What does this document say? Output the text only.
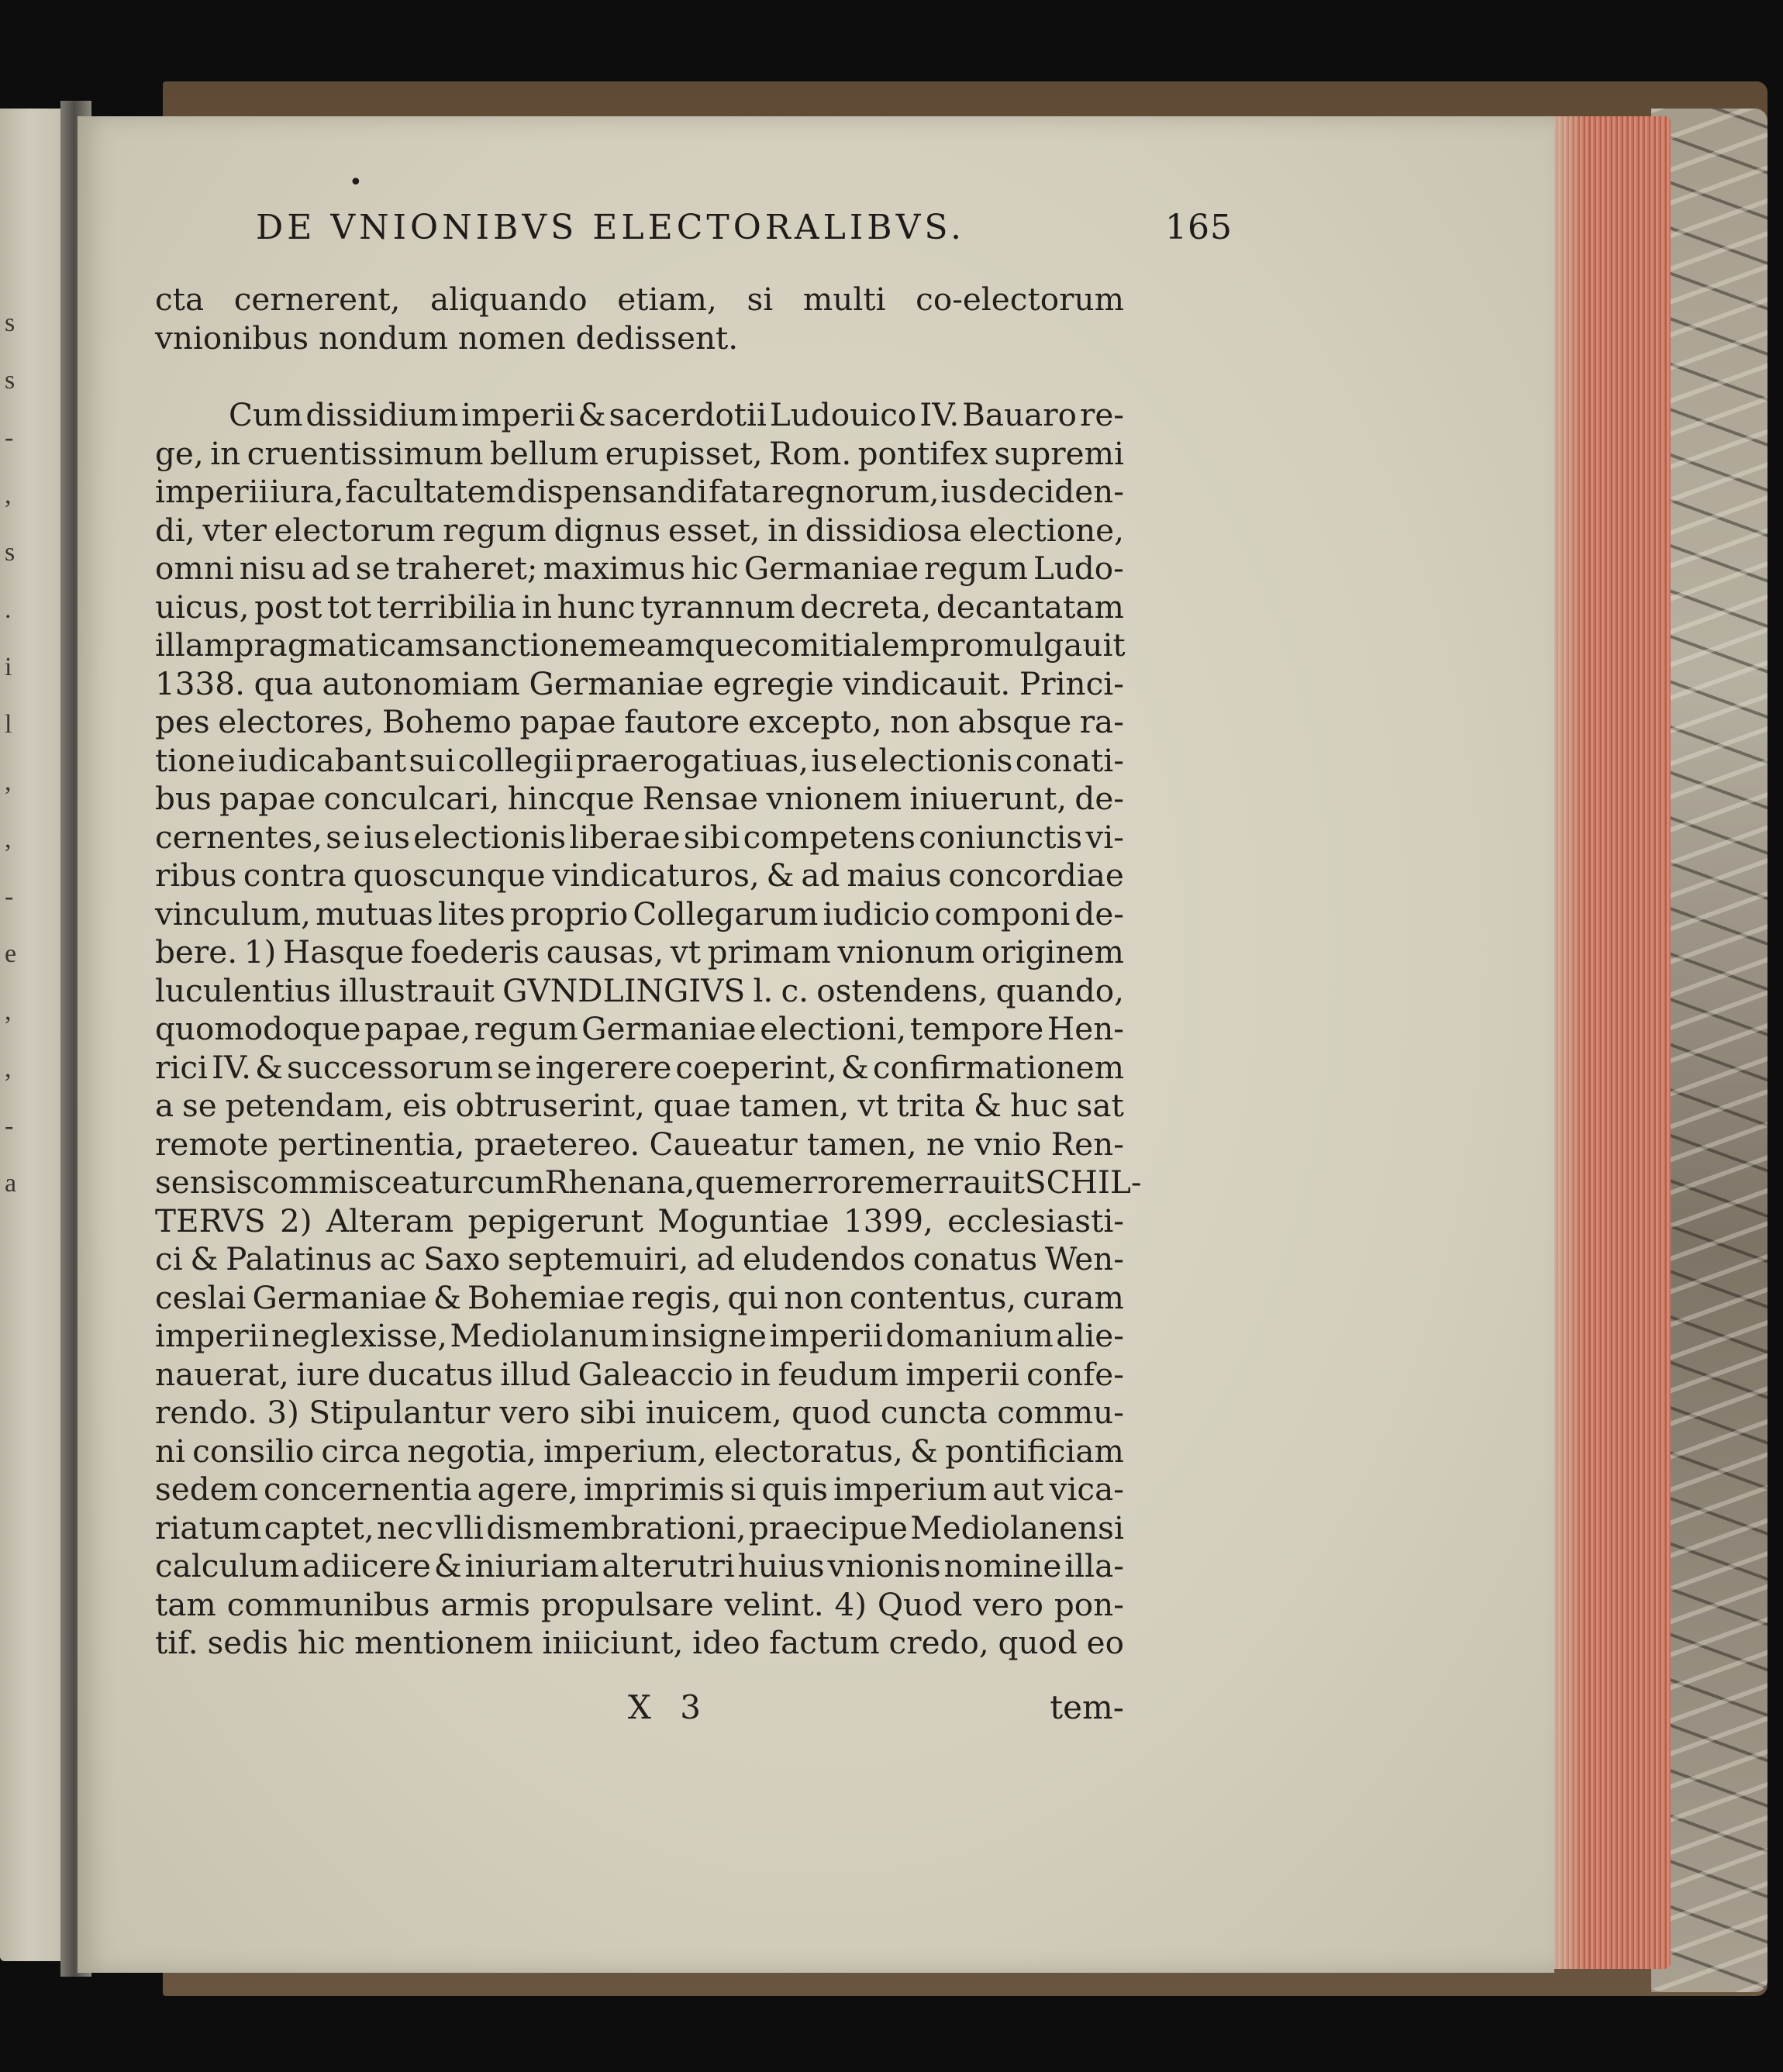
s
s
-
,
s
.
i
l
,
,
-
e
,
,
-
a
•
DE VNIONIBVS ELECTORALIBVS.	165
cta cernerent, aliquando etiam, si multi co-electorum
vnionibus nondum nomen dedissent.
Cum dissidium imperii & sacerdotii Ludouico IV. Bauaro re-
ge, in cruentissimum bellum erupisset, Rom. pontifex supremi
imperii iura, facultatem dispensandi fata regnorum, ius deciden-
di, vter electorum regum dignus esset, in dissidiosa electione,
omni nisu ad se traheret; maximus hic Germaniae regum Ludo-
uicus, post tot terribilia in hunc tyrannum decreta, decantatam
illam pragmaticam sanctionem eamque comitialem promulgauit
1338. qua autonomiam Germaniae egregie vindicauit. Princi-
pes electores, Bohemo papae fautore excepto, non absque ra-
tione iudicabant sui collegii praerogatiuas, ius electionis conati-
bus papae conculcari, hincque Rensae vnionem iniuerunt, de-
cernentes, se ius electionis liberae sibi competens coniunctis vi-
ribus contra quoscunque vindicaturos, & ad maius concordiae
vinculum, mutuas lites proprio Collegarum iudicio componi de-
bere. 1) Hasque foederis causas, vt primam vnionum originem
luculentius illustrauit GVNDLINGIVS l. c. ostendens, quando,
quomodoque papae, regum Germaniae electioni, tempore Hen-
rici IV. & successorum se ingerere coeperint, & confirmationem
a se petendam, eis obtruserint, quae tamen, vt trita & huc sat
remote pertinentia, praetereo. Caueatur tamen, ne vnio Ren-
sensis commisceatur cum Rhenana, quem errorem errauit SCHIL-
TERVS 2) Alteram pepigerunt Moguntiae 1399, ecclesiasti-
ci & Palatinus ac Saxo septemuiri, ad eludendos conatus Wen-
ceslai Germaniae & Bohemiae regis, qui non contentus, curam
imperii neglexisse, Mediolanum insigne imperii domanium alie-
nauerat, iure ducatus illud Galeaccio in feudum imperii confe-
rendo. 3) Stipulantur vero sibi inuicem, quod cuncta commu-
ni consilio circa negotia, imperium, electoratus, & pontificiam
sedem concernentia agere, imprimis si quis imperium aut vica-
riatum captet, nec vlli dismembrationi, praecipue Mediolanensi
calculum adiicere & iniuriam alterutri huius vnionis nomine illa-
tam communibus armis propulsare velint. 4) Quod vero pon-
tif. sedis hic mentionem iniiciunt, ideo factum credo, quod eo
X 3	tem-
